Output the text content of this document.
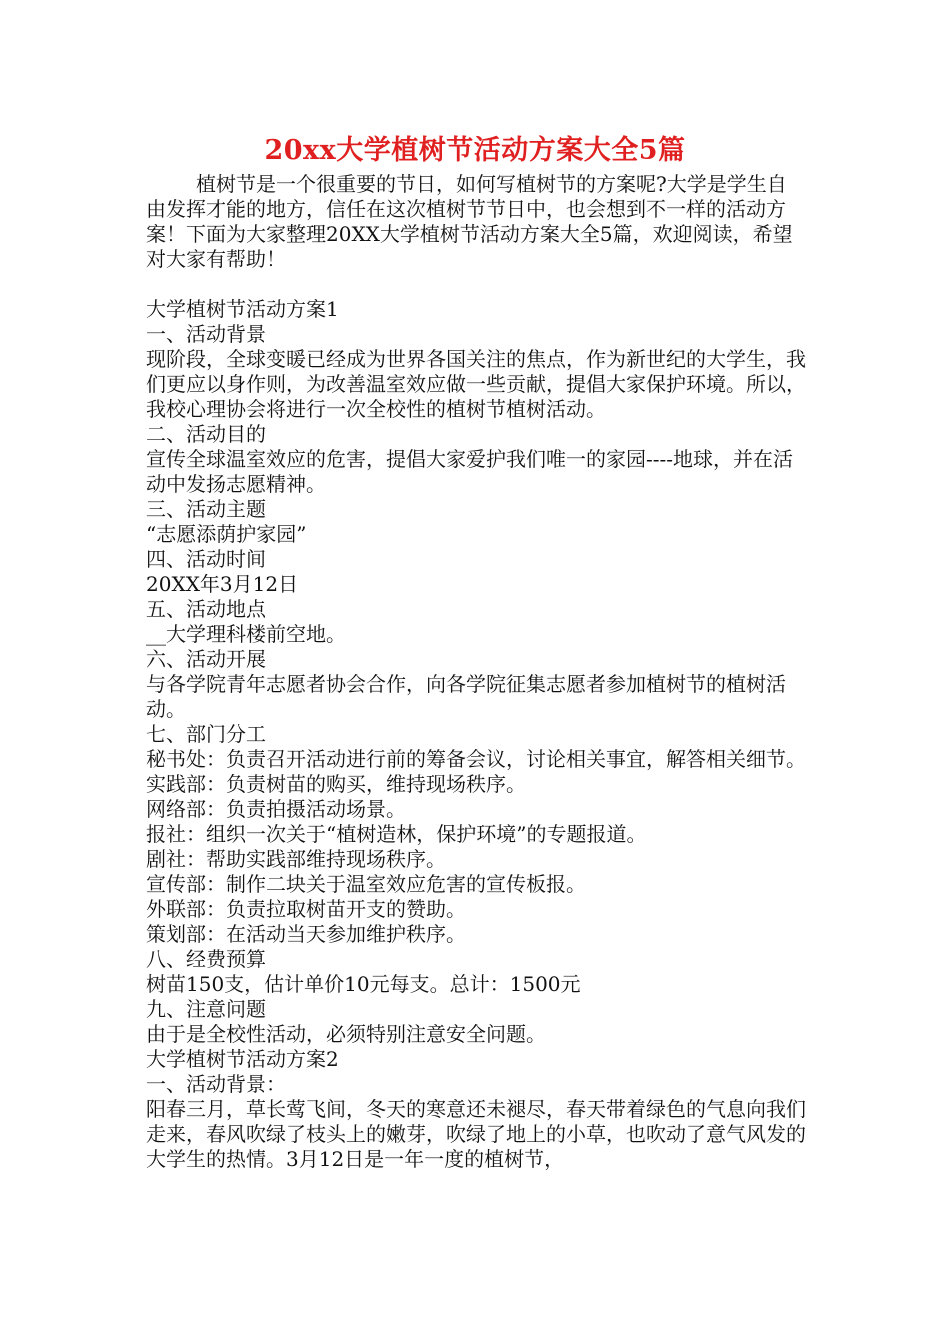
20xx大学植树节活动方案大全5篇

植树节是一个很重要的节日，如何写植树节的方案呢?大学是学生自由发挥才能的地方，信任在这次植树节节日中，也会想到不一样的活动方案！下面为大家整理20XX大学植树节活动方案大全5篇，欢迎阅读，希望对大家有帮助！

大学植树节活动方案1

一、活动背景

现阶段，全球变暖已经成为世界各国关注的焦点，作为新世纪的大学生，我们更应以身作则，为改善温室效应做一些贡献，提倡大家保护环境。所以，我校心理协会将进行一次全校性的植树节植树活动。

二、活动目的

宣传全球温室效应的危害，提倡大家爱护我们唯一的家园----地球，并在活动中发扬志愿精神。

三、活动主题

“志愿添荫护家园”

四、活动时间

20XX年3月12日

五、活动地点

__大学理科楼前空地。

六、活动开展

与各学院青年志愿者协会合作，向各学院征集志愿者参加植树节的植树活动。

七、部门分工

秘书处：负责召开活动进行前的筹备会议，讨论相关事宜，解答相关细节。

实践部：负责树苗的购买，维持现场秩序。

网络部：负责拍摄活动场景。

报社：组织一次关于“植树造林，保护环境”的专题报道。

剧社：帮助实践部维持现场秩序。

宣传部：制作二块关于温室效应危害的宣传板报。

外联部：负责拉取树苗开支的赞助。

策划部：在活动当天参加维护秩序。

八、经费预算

树苗150支，估计单价10元每支。总计：1500元

九、注意问题

由于是全校性活动，必须特别注意安全问题。

大学植树节活动方案2

一、活动背景：

阳春三月，草长莺飞间，冬天的寒意还未褪尽，春天带着绿色的气息向我们走来，春风吹绿了枝头上的嫩芽，吹绿了地上的小草，也吹动了意气风发的大学生的热情。3月12日是一年一度的植树节，
